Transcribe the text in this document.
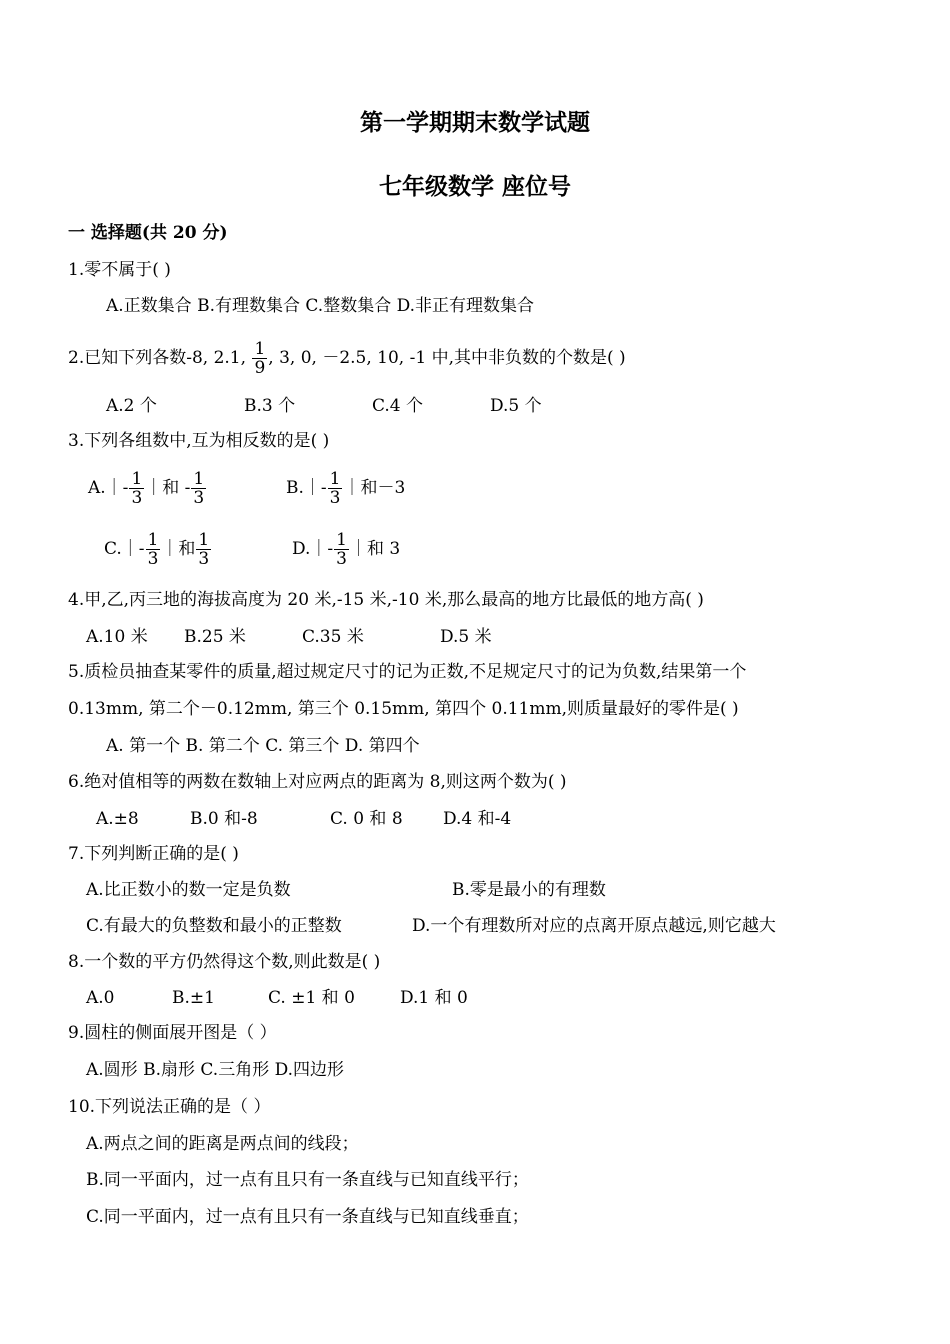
第一学期期末数学试题
七年级数学 座位号
一 选择题(共 20 分)
1.零不属于( )
A.正数集合 B.有理数集合 C.整数集合 D.非正有理数集合
2.已知下列各数-8, 2.1, $\frac{1}{9}$ , 3, 0, －2.5, 10, -1 中,其中非负数的个数是( )
A.2 个	B.3 个	C.4 个	D.5 个
3.下列各组数中,互为相反数的是( )
A.｜- $\frac{1}{3}$ ｜和 - $\frac{1}{3}$	B.｜- $\frac{1}{3}$ ｜和－3
C.｜- $\frac{1}{3}$ ｜和 $\frac{1}{3}$	D.｜- $\frac{1}{3}$ ｜和 3
4.甲,乙,丙三地的海拔高度为 20 米,-15 米,-10 米,那么最高的地方比最低的地方高( )
A.10 米 B.25 米	C.35 米	D.5 米
5.质检员抽查某零件的质量,超过规定尺寸的记为正数,不足规定尺寸的记为负数,结果第一个
0.13mm, 第二个－0.12mm, 第三个 0.15mm, 第四个 0.11mm,则质量最好的零件是( )
A. 第一个 B. 第二个 C. 第三个 D. 第四个
6.绝对值相等的两数在数轴上对应两点的距离为 8,则这两个数为( )
A.±8	B.0 和-8	C. 0 和 8 D.4 和-4
7.下列判断正确的是( )
A.比正数小的数一定是负数	B.零是最小的有理数
C.有最大的负整数和最小的正整数	D.一个有理数所对应的点离开原点越远,则它越大
8.一个数的平方仍然得这个数,则此数是( )
A.0	B.±1	C. ±1 和 0	D.1 和 0
9.圆柱的侧面展开图是（ ）
A.圆形 B.扇形 C.三角形 D.四边形
10.下列说法正确的是（ ）
A.两点之间的距离是两点间的线段；
B.同一平面内，过一点有且只有一条直线与已知直线平行；
C.同一平面内，过一点有且只有一条直线与已知直线垂直；
